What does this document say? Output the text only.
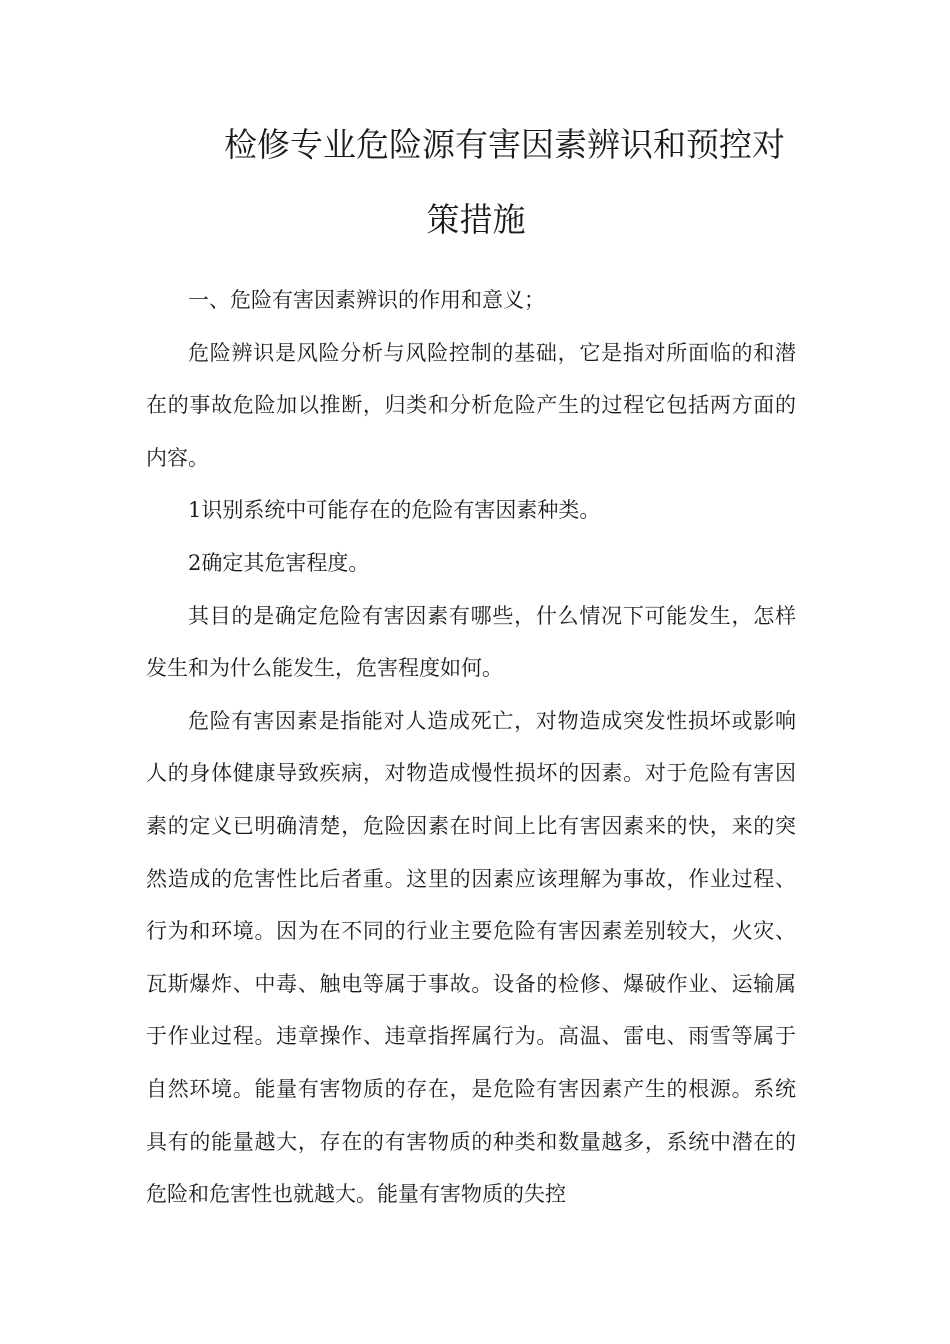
检修专业危险源有害因素辨识和预控对
策措施

一、危险有害因素辨识的作用和意义；

危险辨识是风险分析与风险控制的基础，它是指对所面临的和潜在的事故危险加以推断，归类和分析危险产生的过程它包括两方面的内容。

1识别系统中可能存在的危险有害因素种类。

2确定其危害程度。

其目的是确定危险有害因素有哪些，什么情况下可能发生，怎样发生和为什么能发生，危害程度如何。

危险有害因素是指能对人造成死亡，对物造成突发性损坏或影响人的身体健康导致疾病，对物造成慢性损坏的因素。对于危险有害因素的定义已明确清楚，危险因素在时间上比有害因素来的快，来的突然造成的危害性比后者重。这里的因素应该理解为事故，作业过程、行为和环境。因为在不同的行业主要危险有害因素差别较大，火灾、瓦斯爆炸、中毒、触电等属于事故。设备的检修、爆破作业、运输属于作业过程。违章操作、违章指挥属行为。高温、雷电、雨雪等属于自然环境。能量有害物质的存在，是危险有害因素产生的根源。系统具有的能量越大，存在的有害物质的种类和数量越多，系统中潜在的危险和危害性也就越大。能量有害物质的失控
